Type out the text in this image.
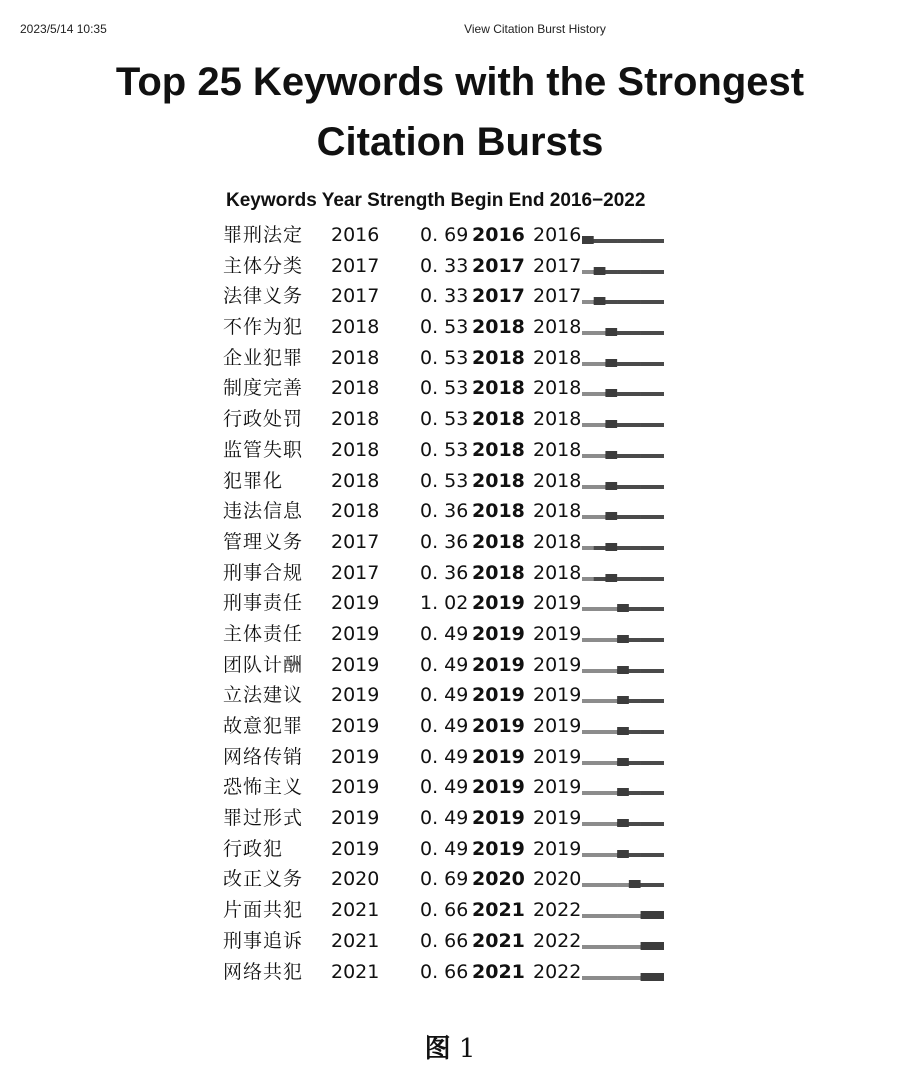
2023/5/14 10:35	View Citation Burst History
Top 25 Keywords with the Strongest Citation Bursts
Keywords Year Strength Begin End 2016−2022
罪刑法定 2016 0. 69 2016 2016
主体分类 2017 0. 33 2017 2017
法律义务 2017 0. 33 2017 2017
不作为犯 2018 0. 53 2018 2018
企业犯罪 2018 0. 53 2018 2018
制度完善 2018 0. 53 2018 2018
行政处罚 2018 0. 53 2018 2018
监管失职 2018 0. 53 2018 2018
犯罪化	2018 0. 53 2018 2018
违法信息 2018 0. 36 2018 2018
管理义务 2017 0. 36 2018 2018
刑事合规 2017 0. 36 2018 2018
刑事责任 2019 1. 02 2019 2019
主体责任 2019 0. 49 2019 2019
团队计酬 2019 0. 49 2019 2019
立法建议 2019 0. 49 2019 2019
故意犯罪 2019 0. 49 2019 2019
网络传销 2019 0. 49 2019 2019
恐怖主义 2019 0. 49 2019 2019
罪过形式 2019 0. 49 2019 2019
行政犯	2019 0. 49 2019 2019
改正义务 2020 0. 69 2020 2020
片面共犯 2021 0. 66 2021 2022
刑事追诉 2021 0. 66 2021 2022
网络共犯 2021 0. 66 2021 2022
图 1
